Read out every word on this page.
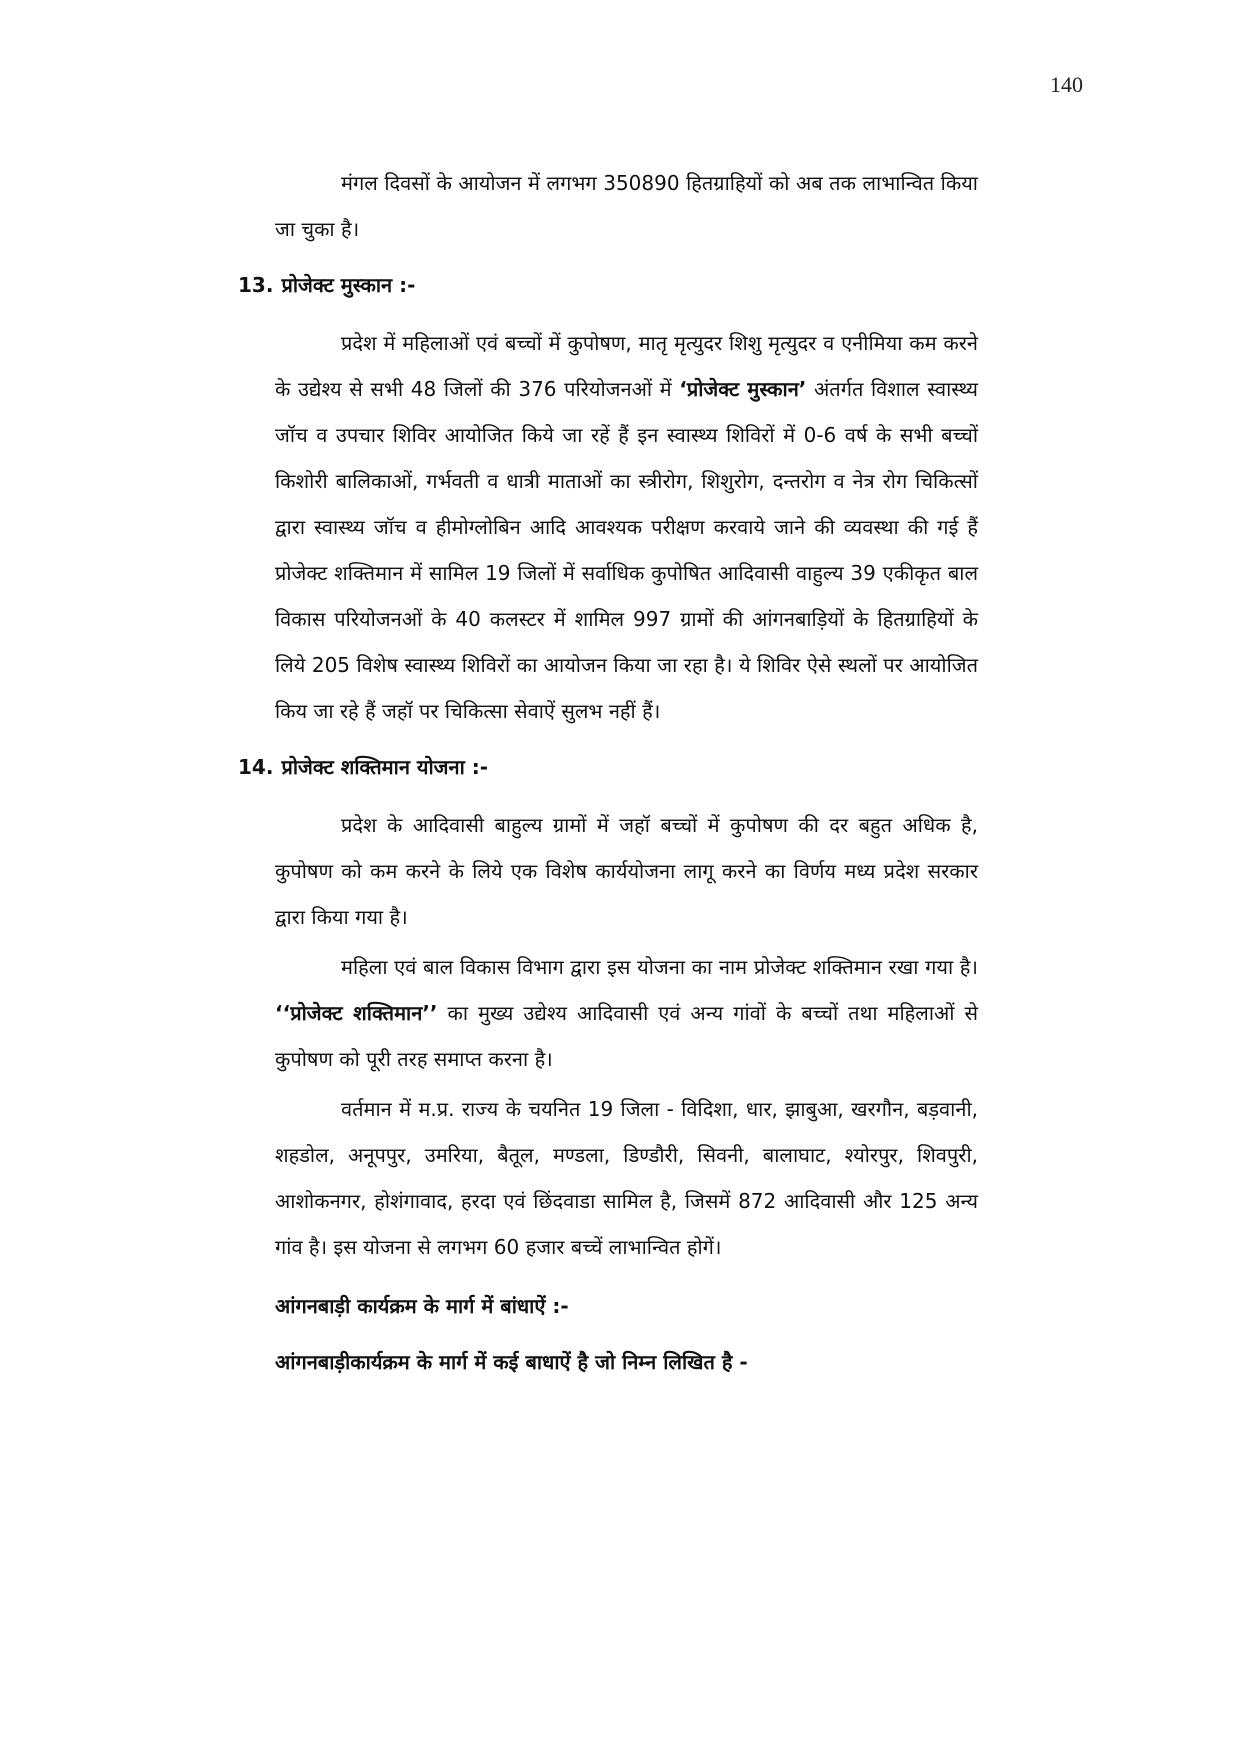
140

मंगल दिवसों के आयोजन में लगभग 350890 हितग्राहियों को अब तक लाभान्वित किया जा चुका है।

13. प्रोजेक्ट मुस्कान :-

प्रदेश में महिलाओं एवं बच्चों में कुपोषण, मातृ मृत्युदर शिशु मृत्युदर व एनीमिया कम करने के उद्येश्य से सभी 48 जिलों की 376 परियोजनओं में ‘प्रोजेक्ट मुस्कान’ अंतर्गत विशाल स्वास्थ्य जॉच व उपचार शिविर आयोजित किये जा रहें हैं इन स्वास्थ्य शिविरों में 0-6 वर्ष के सभी बच्चों किशोरी बालिकाओं, गर्भवती व धात्री माताओं का स्त्रीरोग, शिशुरोग, दन्तरोग व नेत्र रोग चिकित्सों द्वारा स्वास्थ्य जॉच व हीमोग्लोबिन आदि आवश्यक परीक्षण करवाये जाने की व्यवस्था की गई हैं प्रोजेक्ट शक्तिमान में सामिल 19 जिलों में सर्वाधिक कुपोषित आदिवासी वाहुल्य 39 एकीकृत बाल विकास परियोजनओं के 40 कलस्टर में शामिल 997 ग्रामों की आंगनबाड़ियों के हितग्राहियों के लिये 205 विशेष स्वास्थ्य शिविरों का आयोजन किया जा रहा है। ये शिविर ऐसे स्थलों पर आयोजित किय जा रहे हैं जहॉ पर चिकित्सा सेवाऐं सुलभ नहीं हैं।

14. प्रोजेक्ट शक्तिमान योजना :-

प्रदेश के आदिवासी बाहुल्य ग्रामों में जहॉ बच्चों में कुपोषण की दर बहुत अधिक है, कुपोषण को कम करने के लिये एक विशेष कार्ययोजना लागू करने का विर्णय मध्य प्रदेश सरकार द्वारा किया गया है।

महिला एवं बाल विकास विभाग द्वारा इस योजना का नाम प्रोजेक्ट शक्तिमान रखा गया है। ‘‘प्रोजेक्ट शक्तिमान’’ का मुख्य उद्येश्य आदिवासी एवं अन्य गांवों के बच्चों तथा महिलाओं से कुपोषण को पूरी तरह समाप्त करना है।

वर्तमान में म.प्र. राज्य के चयनित 19 जिला - विदिशा, धार, झाबुआ, खरगौन, बड़वानी, शहडोल, अनूपपुर, उमरिया, बैतूल, मण्डला, डिण्डौरी, सिवनी, बालाघाट, श्योरपुर, शिवपुरी, आशोकनगर, होशंगावाद, हरदा एवं छिंदवाडा सामिल है, जिसमें 872 आदिवासी और 125 अन्य गांव है। इस योजना से लगभग 60 हजार बच्चें लाभान्वित होगें।

आंगनबाड़ी कार्यक्रम के मार्ग में बांधाऐं :-
आंगनबाड़ीकार्यक्रम के मार्ग में कई बाधाऐं है जो निम्न लिखित है -
